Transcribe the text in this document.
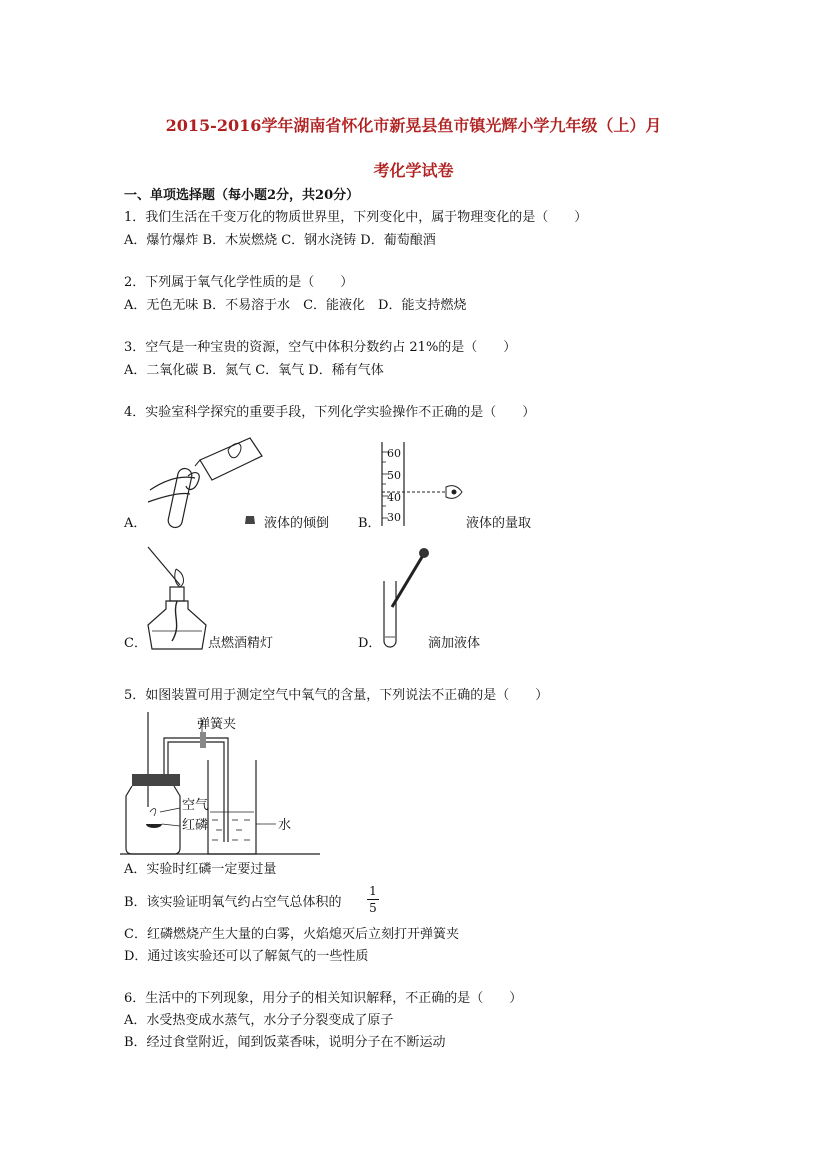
2015-2016学年湖南省怀化市新晃县鱼市镇光辉小学九年级（上）月
考化学试卷
一、单项选择题（每小题2分，共20分）
1．我们生活在千变万化的物质世界里，下列变化中，属于物理变化的是（　　）
A．爆竹爆炸 B．木炭燃烧 C．钢水浇铸 D．葡萄酿酒
2．下列属于氧气化学性质的是（　　）
A．无色无味 B．不易溶于水　C．能液化　D．能支持燃烧
3．空气是一种宝贵的资源，空气中体积分数约占 21%的是（　　）
A．二氧化碳 B．氮气 C．氧气 D．稀有气体
4．实验室科学探究的重要手段，下列化学实验操作不正确的是（　　）
A．	液体的倾倒
60
50
40
30
B．	液体的量取
C．	点燃酒精灯	D．	滴加液体
5．如图装置可用于测定空气中氧气的含量，下列说法不正确的是（　　）
弹簧夹
空气
红磷	水
A．实验时红磷一定要过量
B．该实验证明氧气约占空气总体积的
1
5
C．红磷燃烧产生大量的白雾，火焰熄灭后立刻打开弹簧夹
D．通过该实验还可以了解氮气的一些性质
6．生活中的下列现象，用分子的相关知识解释，不正确的是（　　）
A．水受热变成水蒸气，水分子分裂变成了原子
B．经过食堂附近，闻到饭菜香味，说明分子在不断运动
